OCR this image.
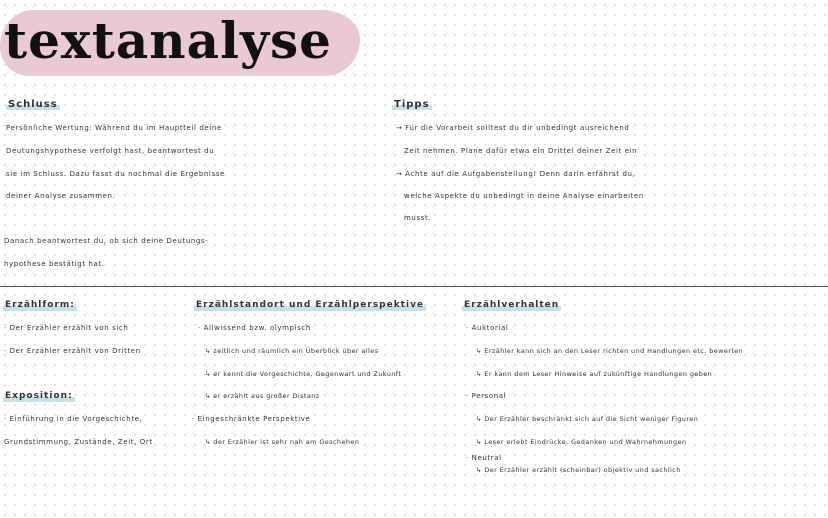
textanalyse
Schluss
Persönliche Wertung: Während du im Hauptteil deine
Deutungshypothese verfolgt hast, beantwortest du
sie im Schluss. Dazu fasst du nochmal die Ergebnisse
deiner Analyse zusammen.
Danach beantwortest du, ob sich deine Deutungs-
hypothese bestätigt hat.
Tipps
→ Für die Vorarbeit solltest du dir unbedingt ausreichend
Zeit nehmen. Plane dafür etwa ein Drittel deiner Zeit ein
→ Achte auf die Aufgabenstellung! Denn darin erfährst du,
welche Aspekte du unbedingt in deine Analyse einarbeiten
musst.
Erzählform:
· Der Erzähler erzählt von sich
· Der Erzähler erzählt von Dritten
Exposition:
· Einführung in die Vorgeschichte,
Grundstimmung, Zustände, Zeit, Ort
Erzählstandort und Erzählperspektive
· Allwissend bzw. olympisch
↳ zeitlich und räumlich ein Überblick über alles
↳ er kennt die Vorgeschichte, Gegenwart und Zukunft
↳ er erzählt aus großer Distanz
· Eingeschränkte Perspektive
↳ der Erzähler ist sehr nah am Geschehen
Erzählverhalten
· Auktorial
↳ Erzähler kann sich an den Leser richten und Handlungen etc. bewerten
↳ Er kann dem Leser Hinweise auf zukünftige Handlungen geben
· Personal
↳ Der Erzähler beschränkt sich auf die Sicht weniger Figuren
↳ Leser erlebt Eindrücke, Gedanken und Wahrnehmungen
· Neutral
↳ Der Erzähler erzählt (scheinbar) objektiv und sachlich
